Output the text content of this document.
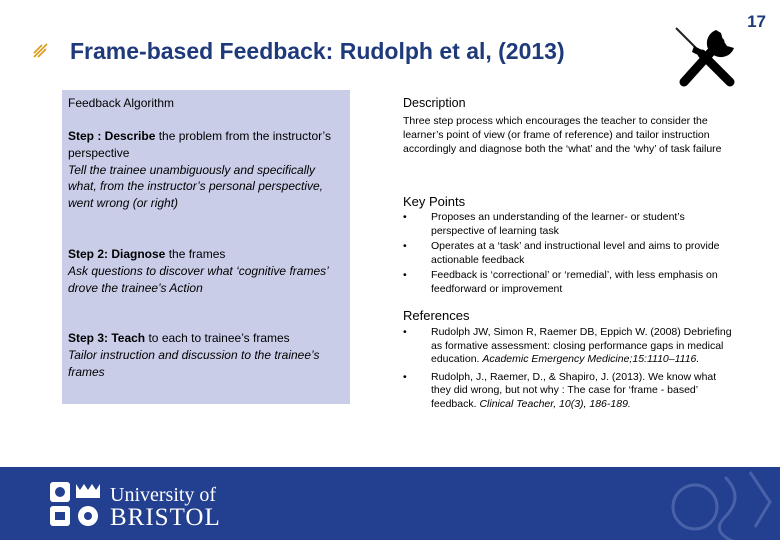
17
Frame-based Feedback: Rudolph et al, (2013)
Feedback Algorithm
Step : Describe the problem from the instructor’s perspective
Tell the trainee unambiguously and specifically what, from the instructor’s personal perspective, went wrong (or right)
Step 2: Diagnose the frames
Ask questions to discover what ‘cognitive frames’ drove the trainee’s Action
Step 3: Teach to each to trainee’s frames
Tailor instruction and discussion to the trainee’s frames
Description
Three step process which encourages the teacher to consider the learner’s point of view (or frame of reference) and tailor instruction accordingly and diagnose both the ‘what’ and the ‘why’ of task failure
Key Points
• Proposes an understanding of the learner- or student’s perspective of learning task
• Operates at a ‘task’ and instructional level and aims to provide actionable feedback
• Feedback is ‘correctional’ or ‘remedial’, with less emphasis on feedforward or improvement
References
• Rudolph JW, Simon R, Raemer DB, Eppich W. (2008) Debriefing as formative assessment: closing performance gaps in medical education. Academic Emergency Medicine;15:1110–1116.
• Rudolph, J., Raemer, D., & Shapiro, J. (2013). We know what they did wrong, but not why : The case for ‘frame - based’ feedback. Clinical Teacher, 10(3), 186-189.
University of
BRISTOL
